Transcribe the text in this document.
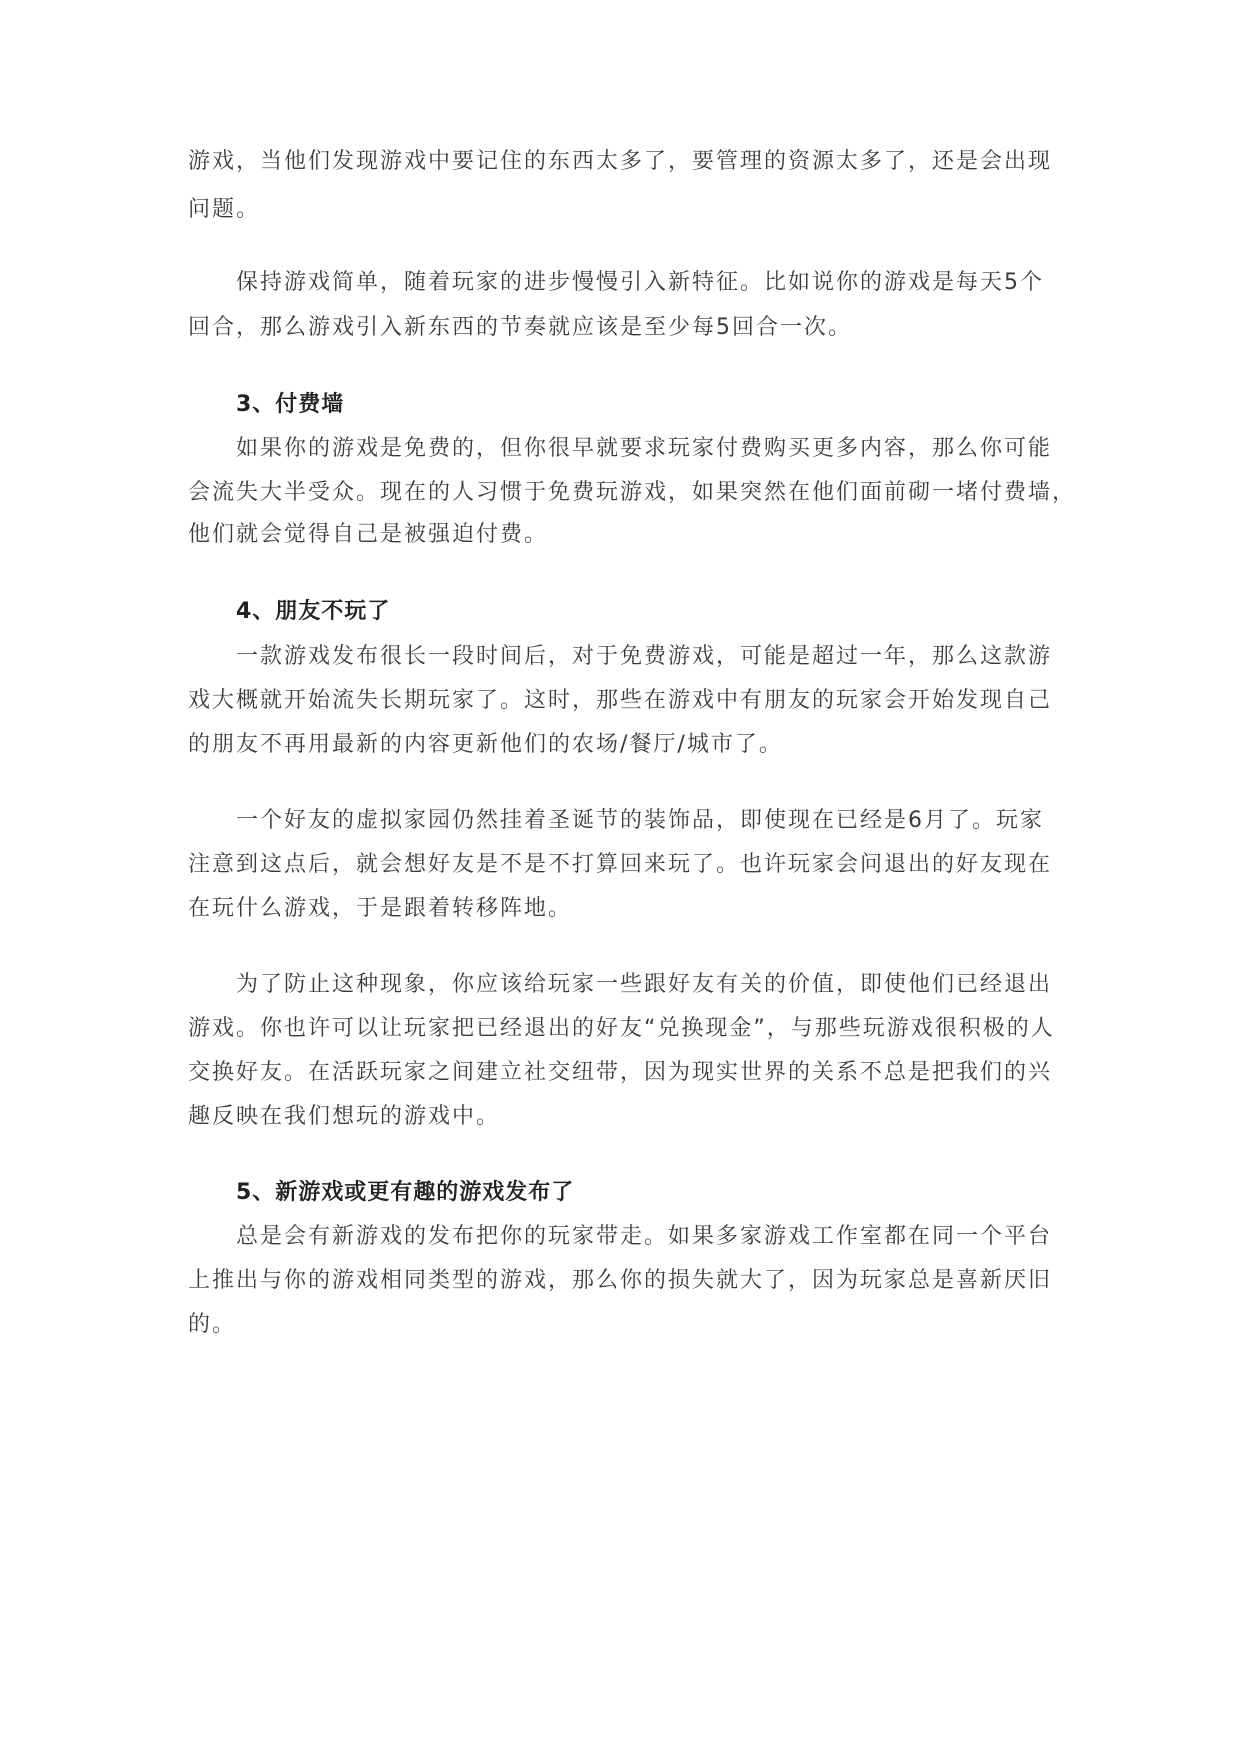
游戏，当他们发现游戏中要记住的东西太多了，要管理的资源太多了，还是会出现
问题。
保持游戏简单，随着玩家的进步慢慢引入新特征。比如说你的游戏是每天5个
回合，那么游戏引入新东西的节奏就应该是至少每5回合一次。
3、付费墙
如果你的游戏是免费的，但你很早就要求玩家付费购买更多内容，那么你可能
会流失大半受众。现在的人习惯于免费玩游戏，如果突然在他们面前砌一堵付费墙，
他们就会觉得自己是被强迫付费。
4、朋友不玩了
一款游戏发布很长一段时间后，对于免费游戏，可能是超过一年，那么这款游
戏大概就开始流失长期玩家了。这时，那些在游戏中有朋友的玩家会开始发现自己
的朋友不再用最新的内容更新他们的农场/餐厅/城市了。
一个好友的虚拟家园仍然挂着圣诞节的装饰品，即使现在已经是6月了。玩家
注意到这点后，就会想好友是不是不打算回来玩了。也许玩家会问退出的好友现在
在玩什么游戏，于是跟着转移阵地。
为了防止这种现象，你应该给玩家一些跟好友有关的价值，即使他们已经退出
游戏。你也许可以让玩家把已经退出的好友“兑换现金”，与那些玩游戏很积极的人
交换好友。在活跃玩家之间建立社交纽带，因为现实世界的关系不总是把我们的兴
趣反映在我们想玩的游戏中。
5、新游戏或更有趣的游戏发布了
总是会有新游戏的发布把你的玩家带走。如果多家游戏工作室都在同一个平台
上推出与你的游戏相同类型的游戏，那么你的损失就大了，因为玩家总是喜新厌旧
的。
